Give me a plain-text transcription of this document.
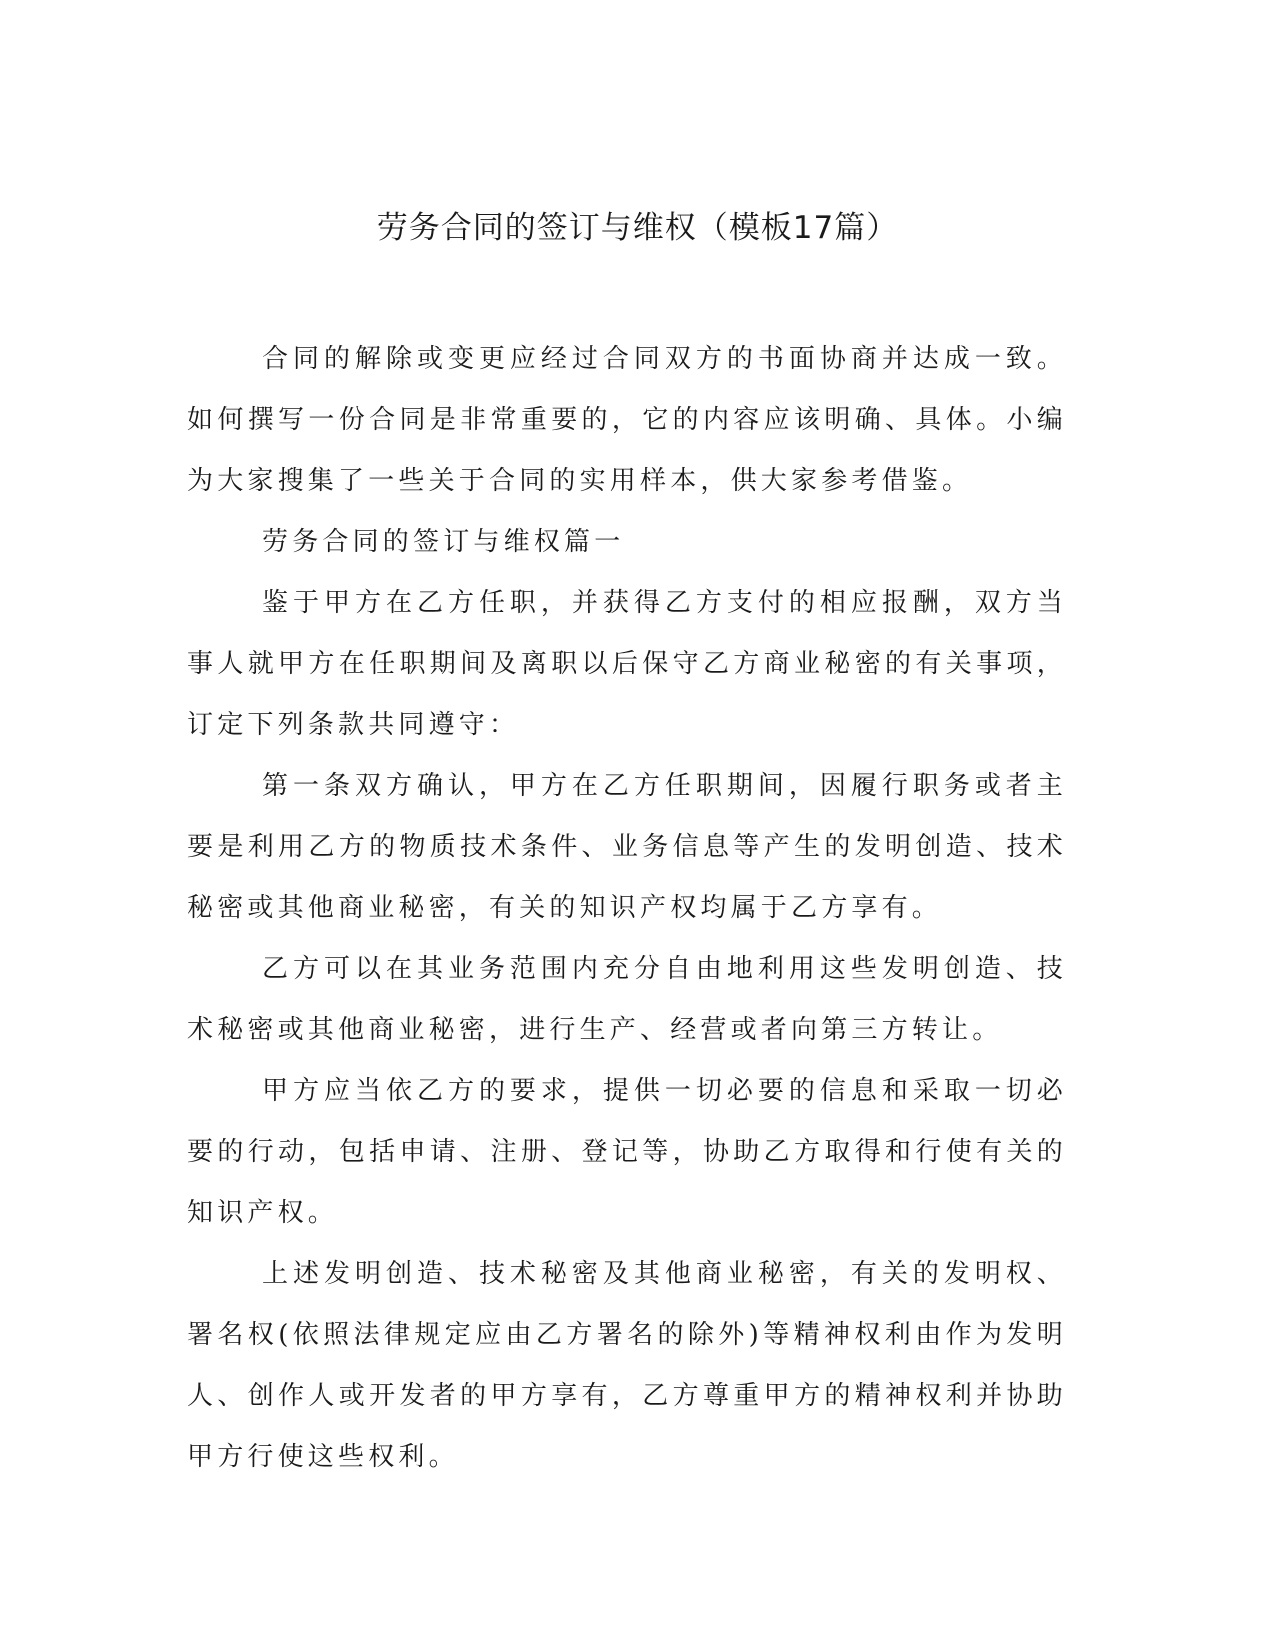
劳务合同的签订与维权（模板17篇）

合同的解除或变更应经过合同双方的书面协商并达成一致。如何撰写一份合同是非常重要的，它的内容应该明确、具体。小编为大家搜集了一些关于合同的实用样本，供大家参考借鉴。

劳务合同的签订与维权篇一

鉴于甲方在乙方任职，并获得乙方支付的相应报酬，双方当事人就甲方在任职期间及离职以后保守乙方商业秘密的有关事项，订定下列条款共同遵守：

第一条双方确认，甲方在乙方任职期间，因履行职务或者主要是利用乙方的物质技术条件、业务信息等产生的发明创造、技术秘密或其他商业秘密，有关的知识产权均属于乙方享有。

乙方可以在其业务范围内充分自由地利用这些发明创造、技术秘密或其他商业秘密，进行生产、经营或者向第三方转让。

甲方应当依乙方的要求，提供一切必要的信息和采取一切必要的行动，包括申请、注册、登记等，协助乙方取得和行使有关的知识产权。

上述发明创造、技术秘密及其他商业秘密，有关的发明权、署名权(依照法律规定应由乙方署名的除外)等精神权利由作为发明人、创作人或开发者的甲方享有，乙方尊重甲方的精神权利并协助甲方行使这些权利。
